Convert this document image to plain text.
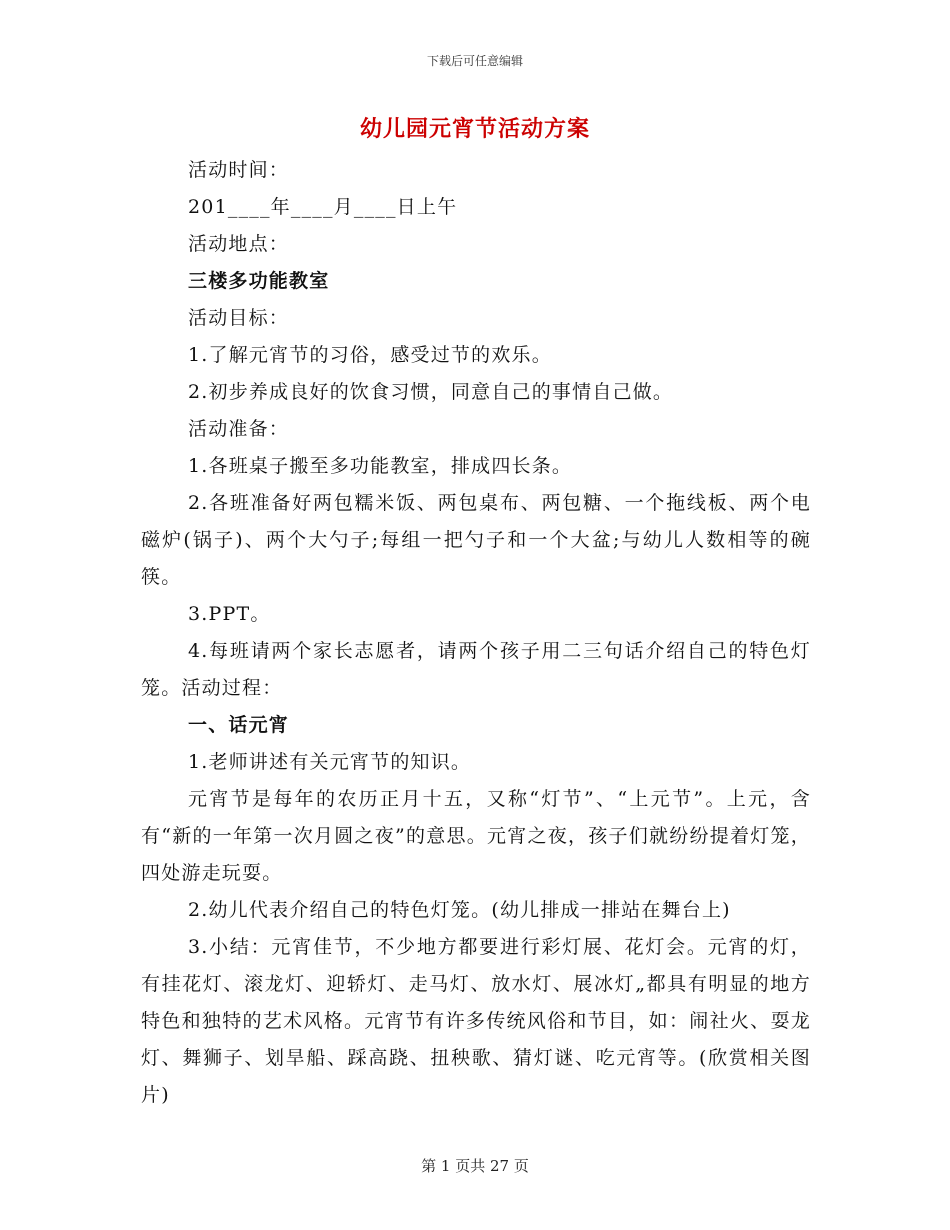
下载后可任意编辑
幼儿园元宵节活动方案

活动时间：

201____年____月____日上午

活动地点：

三楼多功能教室

活动目标：

1.了解元宵节的习俗，感受过节的欢乐。

2.初步养成良好的饮食习惯，同意自己的事情自己做。

活动准备：

1.各班桌子搬至多功能教室，排成四长条。

2.各班准备好两包糯米饭、两包桌布、两包糖、一个拖线板、两个电磁炉(锅子)、两个大勺子;每组一把勺子和一个大盆;与幼儿人数相等的碗筷。

3.PPT。

4.每班请两个家长志愿者，请两个孩子用二三句话介绍自己的特色灯笼。活动过程：

一、话元宵

1.老师讲述有关元宵节的知识。

元宵节是每年的农历正月十五，又称“灯节”、“上元节”。上元，含有“新的一年第一次月圆之夜”的意思。元宵之夜，孩子们就纷纷提着灯笼，四处游走玩耍。

2.幼儿代表介绍自己的特色灯笼。(幼儿排成一排站在舞台上)

3.小结：元宵佳节，不少地方都要进行彩灯展、花灯会。元宵的灯，有挂花灯、滚龙灯、迎轿灯、走马灯、放水灯、展冰灯„都具有明显的地方特色和独特的艺术风格。元宵节有许多传统风俗和节目，如：闹社火、耍龙灯、舞狮子、划旱船、踩高跷、扭秧歌、猜灯谜、吃元宵等。(欣赏相关图片)

第 1 页共 27 页
